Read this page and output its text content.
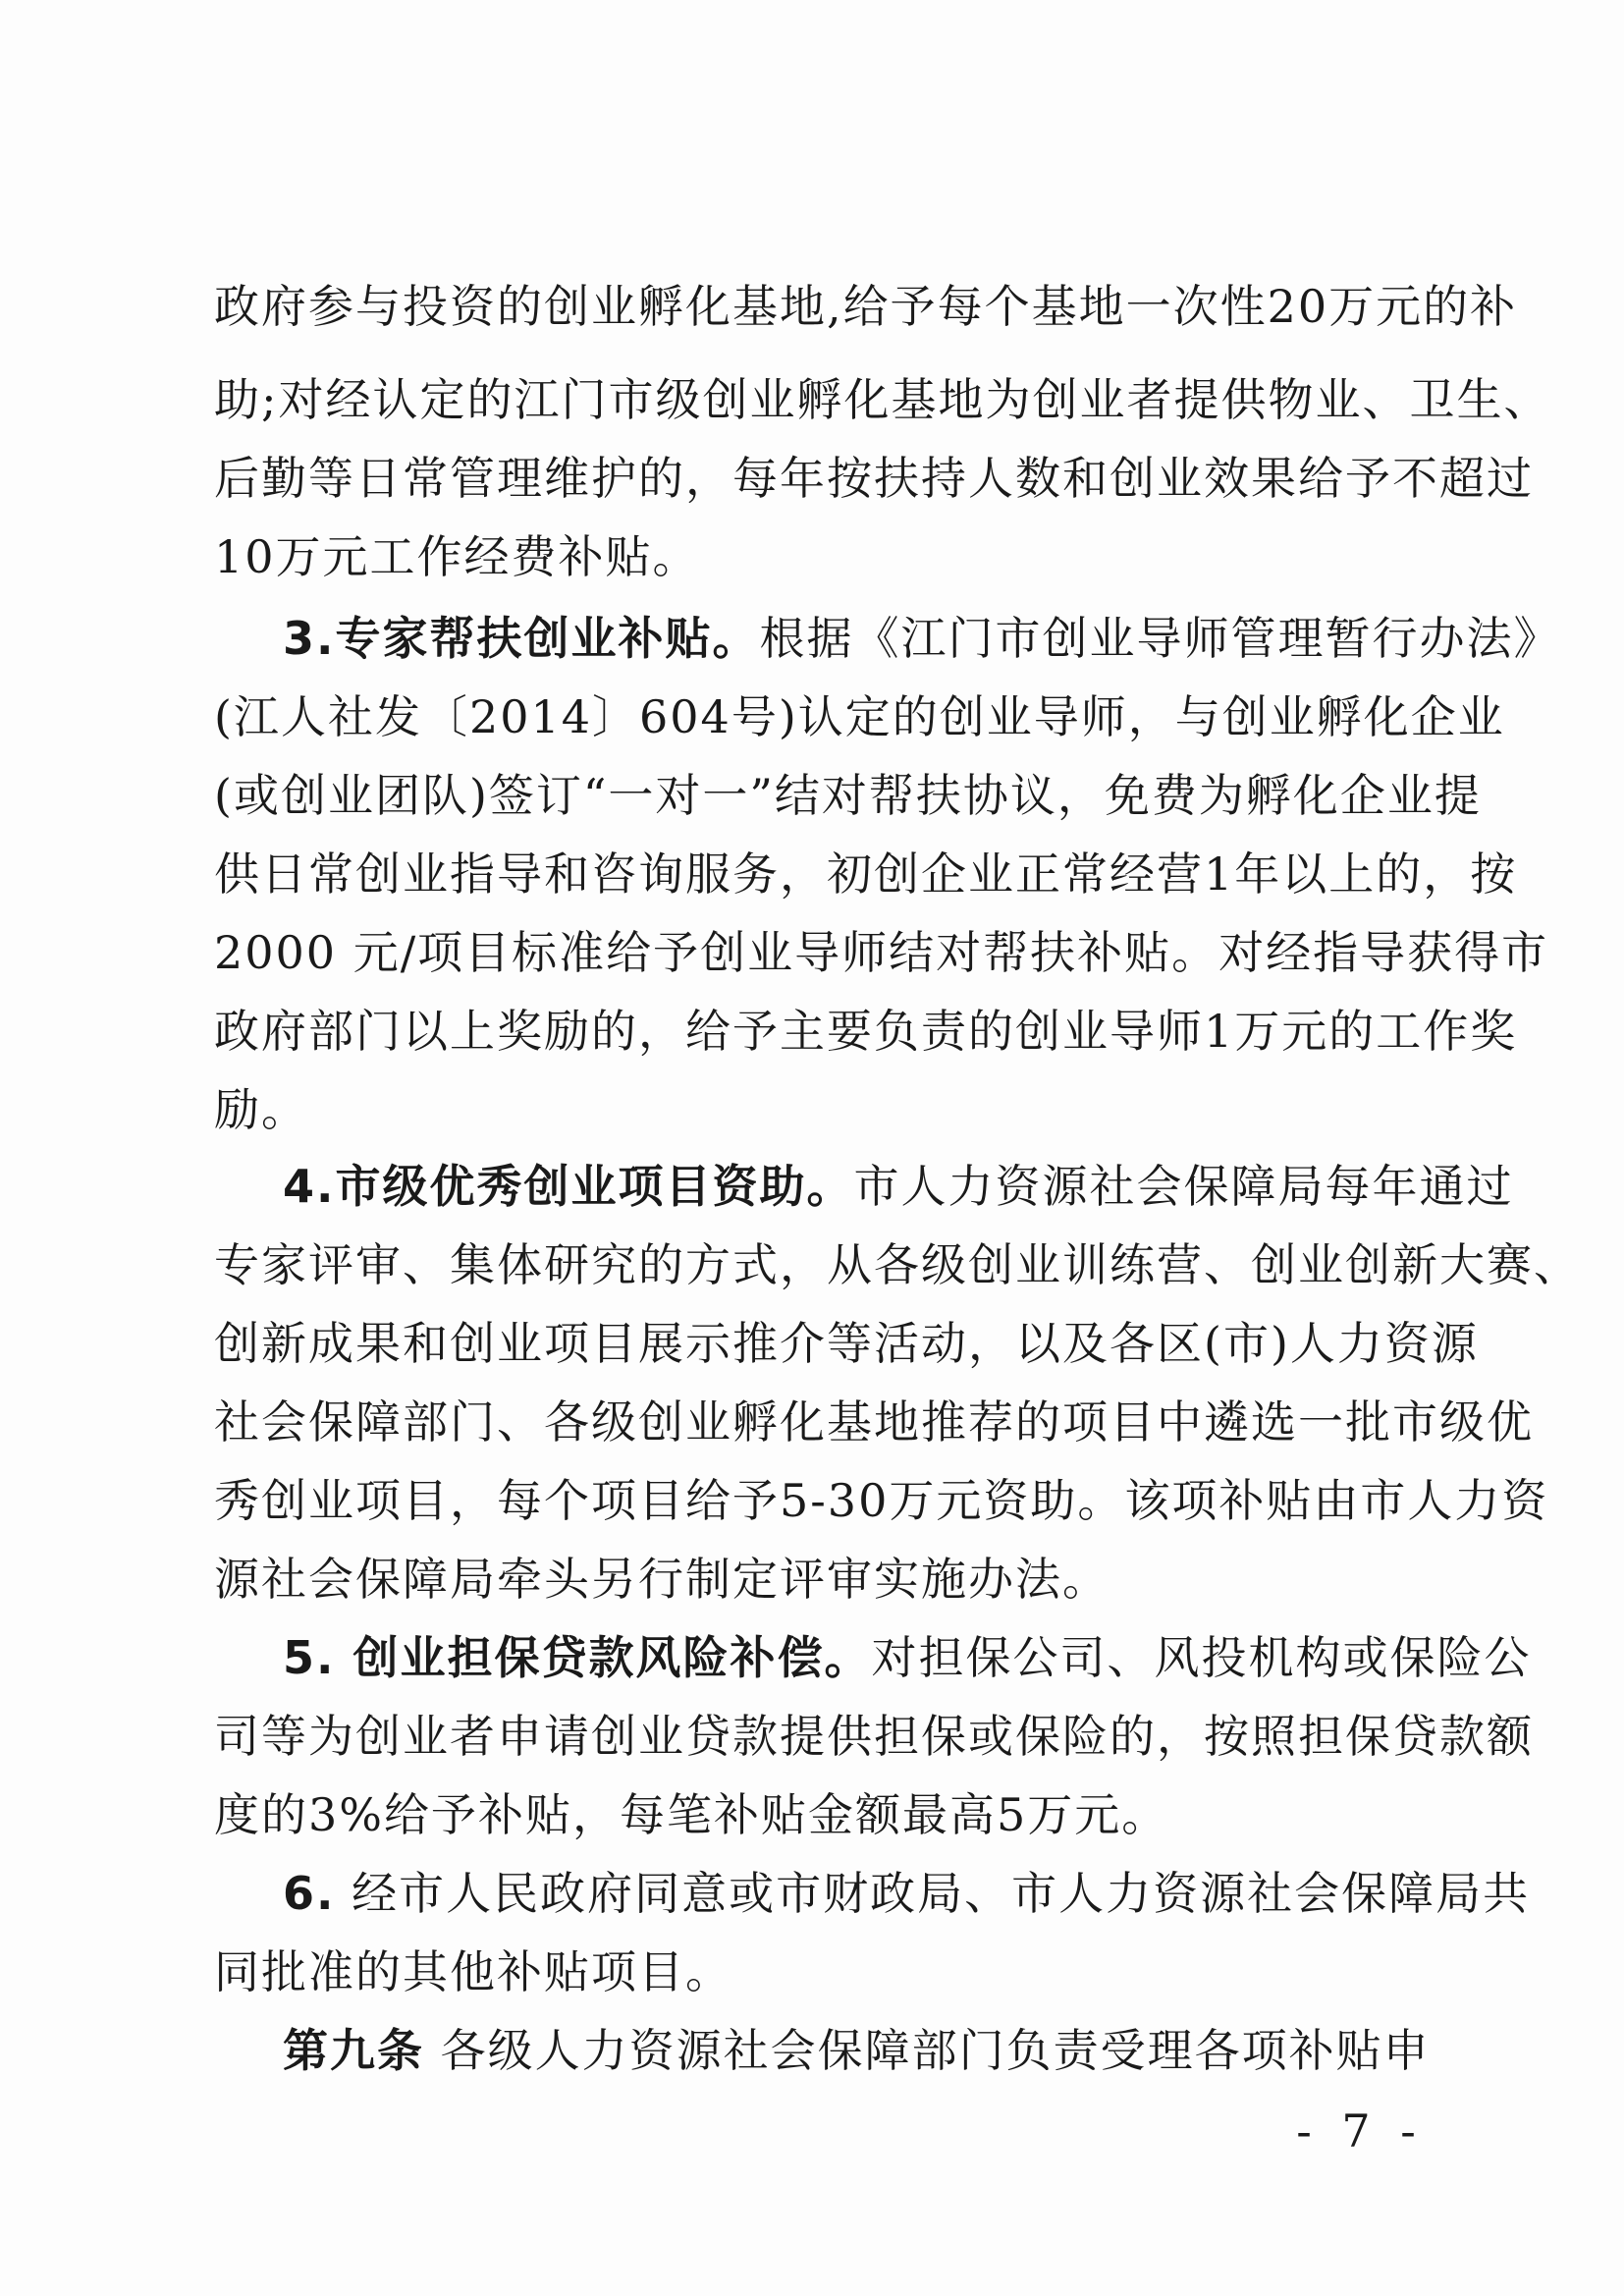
政府参与投资的创业孵化基地,给予每个基地一次性20万元的补
助;对经认定的江门市级创业孵化基地为创业者提供物业、卫生、
后勤等日常管理维护的，每年按扶持人数和创业效果给予不超过
10万元工作经费补贴。
3.专家帮扶创业补贴。根据《江门市创业导师管理暂行办法》
(江人社发〔2014〕604号)认定的创业导师，与创业孵化企业
(或创业团队)签订“一对一”结对帮扶协议，免费为孵化企业提
供日常创业指导和咨询服务，初创企业正常经营1年以上的，按
2000 元/项目标准给予创业导师结对帮扶补贴。对经指导获得市
政府部门以上奖励的，给予主要负责的创业导师1万元的工作奖
励。
4.市级优秀创业项目资助。市人力资源社会保障局每年通过
专家评审、集体研究的方式，从各级创业训练营、创业创新大赛、
创新成果和创业项目展示推介等活动，以及各区(市)人力资源
社会保障部门、各级创业孵化基地推荐的项目中遴选一批市级优
秀创业项目，每个项目给予5-30万元资助。该项补贴由市人力资
源社会保障局牵头另行制定评审实施办法。
5. 创业担保贷款风险补偿。对担保公司、风投机构或保险公
司等为创业者申请创业贷款提供担保或保险的，按照担保贷款额
度的3%给予补贴，每笔补贴金额最高5万元。
6. 经市人民政府同意或市财政局、市人力资源社会保障局共
同批准的其他补贴项目。
第九条 各级人力资源社会保障部门负责受理各项补贴申
- 7 -
